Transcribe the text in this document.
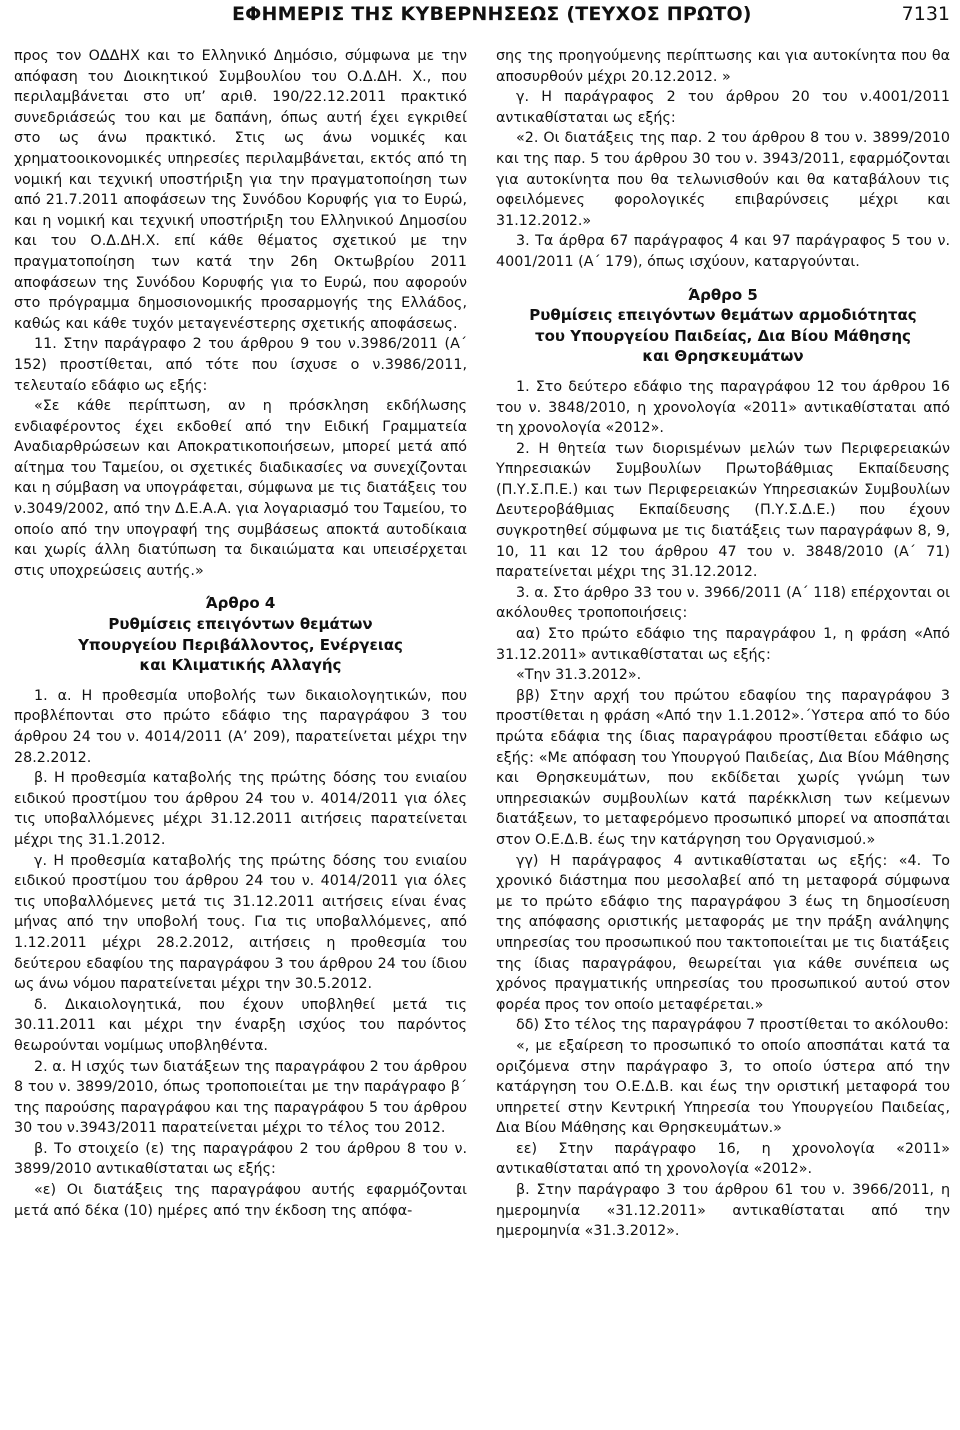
ΕΦΗΜΕΡΙΣ ΤΗΣ ΚΥΒΕΡΝΗΣΕΩΣ (ΤΕΥΧΟΣ ΠΡΩΤΟ)	7131

προς τον ΟΔΔΗΧ και το Ελληνικό Δημόσιο, σύμφωνα με την απόφαση του Διοικητικού Συμβουλίου του Ο.Δ.ΔΗ. Χ., που περιλαμβάνεται στο υπ’ αριθ. 190/22.12.2011 πρακτικό συνεδριάσεώς του και με δαπάνη, όπως αυτή έχει εγκριθεί στο ως άνω πρακτικό. Στις ως άνω νομικές και χρηματοοικονομικές υπηρεσίες περιλαμβάνεται, εκτός από τη νομική και τεχνική υποστήριξη για την πραγματοποίηση των από 21.7.2011 αποφάσεων της Συνόδου Κορυφής για το Ευρώ, και η νομική και τεχνική υποστήριξη του Ελληνικού Δημοσίου και του Ο.Δ.ΔΗ.Χ. επί κάθε θέματος σχετικού με την πραγματοποίηση των κατά την 26η Οκτωβρίου 2011 αποφάσεων της Συνόδου Κορυφής για το Ευρώ, που αφορούν στο πρόγραμμα δημοσιονομικής προσαρμογής της Ελλάδος, καθώς και κάθε τυχόν μεταγενέστερης σχετικής αποφάσεως.

11. Στην παράγραφο 2 του άρθρου 9 του ν.3986/2011 (Α΄ 152) προστίθεται, από τότε που ίσχυσε ο ν.3986/2011, τελευταίο εδάφιο ως εξής:

«Σε κάθε περίπτωση, αν η πρόσκληση εκδήλωσης ενδιαφέροντος έχει εκδοθεί από την Ειδική Γραμματεία Αναδιαρθρώσεων και Αποκρατικοποιήσεων, μπορεί μετά από αίτημα του Ταμείου, οι σχετικές διαδικασίες να συνεχίζονται και η σύμβαση να υπογράφεται, σύμφωνα με τις διατάξεις του ν.3049/2002, από την Δ.Ε.Α.Α. για λογαριασμό του Ταμείου, το οποίο από την υπογραφή της συμβάσεως αποκτά αυτοδίκαια και χωρίς άλλη διατύπωση τα δικαιώματα και υπεισέρχεται στις υποχρεώσεις αυτής.»

Άρθρο 4
Ρυθμίσεις επειγόντων θεμάτων
Υπουργείου Περιβάλλοντος, Ενέργειας
και Κλιματικής Αλλαγής

1. α. Η προθεσμία υποβολής των δικαιολογητικών, που προβλέπονται στο πρώτο εδάφιο της παραγράφου 3 του άρθρου 24 του ν. 4014/2011 (Α’ 209), παρατείνεται μέχρι την 28.2.2012.

β. Η προθεσμία καταβολής της πρώτης δόσης του ενιαίου ειδικού προστίμου του άρθρου 24 του ν. 4014/2011 για όλες τις υποβαλλόμενες μέχρι 31.12.2011 αιτήσεις παρατείνεται μέχρι της 31.1.2012.

γ. Η προθεσμία καταβολής της πρώτης δόσης του ενιαίου ειδικού προστίμου του άρθρου 24 του ν. 4014/2011 για όλες τις υποβαλλόμενες μετά τις 31.12.2011 αιτήσεις είναι ένας μήνας από την υποβολή τους. Για τις υποβαλλόμενες, από 1.12.2011 μέχρι 28.2.2012, αιτήσεις η προθεσμία του δεύτερου εδαφίου της παραγράφου 3 του άρθρου 24 του ίδιου ως άνω νόμου παρατείνεται μέχρι την 30.5.2012.

δ. Δικαιολογητικά, που έχουν υποβληθεί μετά τις 30.11.2011 και μέχρι την έναρξη ισχύος του παρόντος θεωρούνται νομίμως υποβληθέντα.

2. α. Η ισχύς των διατάξεων της παραγράφου 2 του άρθρου 8 του ν. 3899/2010, όπως τροποποιείται με την παράγραφο β΄ της παρούσης παραγράφου και της παραγράφου 5 του άρθρου 30 του ν.3943/2011 παρατείνεται μέχρι το τέλος του 2012.

β. Το στοιχείο (ε) της παραγράφου 2 του άρθρου 8 του ν. 3899/2010 αντικαθίσταται ως εξής:

«ε) Οι διατάξεις της παραγράφου αυτής εφαρμόζονται μετά από δέκα (10) ημέρες από την έκδοση της απόφα-

σης της προηγούμενης περίπτωσης και για αυτοκίνητα που θα αποσυρθούν μέχρι 20.12.2012. »

γ. Η παράγραφος 2 του άρθρου 20 του ν.4001/2011 αντικαθίσταται ως εξής:

«2. Οι διατάξεις της παρ. 2 του άρθρου 8 του ν. 3899/2010 και της παρ. 5 του άρθρου 30 του ν. 3943/2011, εφαρμόζονται για αυτοκίνητα που θα τελωνισθούν και θα καταβάλουν τις οφειλόμενες φορολογικές επιβαρύνσεις μέχρι και 31.12.2012.»

3. Τα άρθρα 67 παράγραφος 4 και 97 παράγραφος 5 του ν. 4001/2011 (Α΄ 179), όπως ισχύουν, καταργούνται.

Άρθρο 5
Ρυθμίσεις επειγόντων θεμάτων αρμοδιότητας
του Υπουργείου Παιδείας, Δια Βίου Μάθησης
και Θρησκευμάτων

1. Στο δεύτερο εδάφιο της παραγράφου 12 του άρθρου 16 του ν. 3848/2010, η χρονολογία «2011» αντικαθίσταται από τη χρονολογία «2012».

2. Η θητεία των διοριsμένων μελών των Περιφερειακών Υπηρεσιακών Συμβουλίων Πρωτοβάθμιας Εκπαίδευσης (Π.Υ.Σ.Π.Ε.) και των Περιφερειακών Υπηρεσιακών Συμβουλίων Δευτεροβάθμιας Εκπαίδευσης (Π.Υ.Σ.Δ.Ε.) που έχουν συγκροτηθεί σύμφωνα με τις διατάξεις των παραγράφων 8, 9, 10, 11 και 12 του άρθρου 47 του ν. 3848/2010 (Α΄ 71) παρατείνεται μέχρι της 31.12.2012.

3. α. Στο άρθρο 33 του ν. 3966/2011 (Α΄ 118) επέρχονται οι ακόλουθες τροποποιήσεις:

αα) Στο πρώτο εδάφιο της παραγράφου 1, η φράση «Από 31.12.2011» αντικαθίσταται ως εξής:

«Την 31.3.2012».

ββ) Στην αρχή του πρώτου εδαφίου της παραγράφου 3 προστίθεται η φράση «Από την 1.1.2012».΄Υστερα από το δύο πρώτα εδάφια της ίδιας παραγράφου προστίθεται εδάφιο ως εξής: «Με απόφαση του Υπουργού Παιδείας, Δια Βίου Μάθησης και Θρησκευμάτων, που εκδίδεται χωρίς γνώμη των υπηρεσιακών συμβουλίων κατά παρέκκλιση των κείμενων διατάξεων, το μεταφερόμενο προσωπικό μπορεί να αποσπάται στον Ο.Ε.Δ.Β. έως την κατάργηση του Οργανισμού.»

γγ) Η παράγραφος 4 αντικαθίσταται ως εξής: «4. Το χρονικό διάστημα που μεσολαβεί από τη μεταφορά σύμφωνα με το πρώτο εδάφιο της παραγράφου 3 έως τη δημοσίευση της απόφασης οριστικής μεταφοράς με την πράξη ανάληψης υπηρεσίας του προσωπικού που τακτοποιείται με τις διατάξεις της ίδιας παραγράφου, θεωρείται για κάθε συνέπεια ως χρόνος πραγματικής υπηρεσίας του προσωπικού αυτού στον φορέα προς τον οποίο μεταφέρεται.»

δδ) Στο τέλος της παραγράφου 7 προστίθεται το ακόλουθο:

«, με εξαίρεση το προσωπικό το οποίο αποσπάται κατά τα οριζόμενα στην παράγραφο 3, το οποίο ύστερα από την κατάργηση του Ο.Ε.Δ.Β. και έως την οριστική μεταφορά του υπηρετεί στην Κεντρική Υπηρεσία του Υπουργείου Παιδείας, Δια Βίου Μάθησης και Θρησκευμάτων.»

εε) Στην παράγραφο 16, η χρονολογία «2011» αντικαθίσταται από τη χρονολογία «2012».

β. Στην παράγραφο 3 του άρθρου 61 του ν. 3966/2011, η ημερομηνία «31.12.2011» αντικαθίσταται από την ημερομηνία «31.3.2012».
